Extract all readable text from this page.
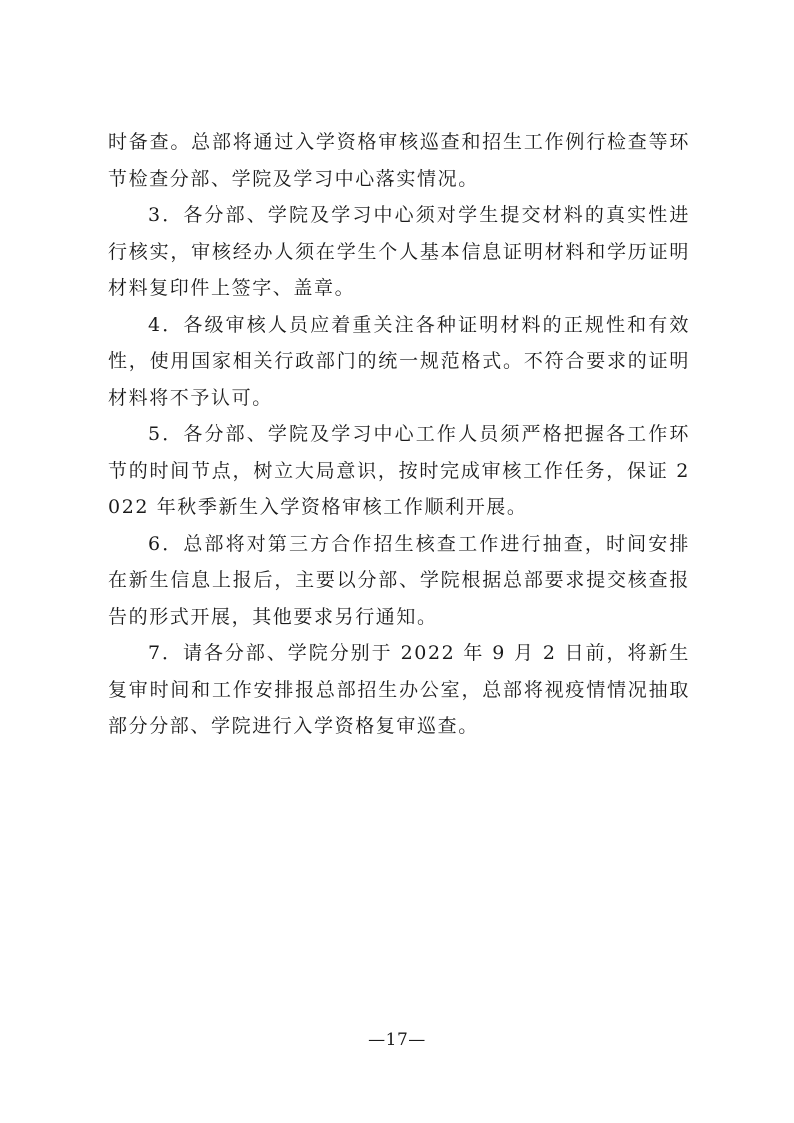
时备查。总部将通过入学资格审核巡查和招生工作例行检查等环节检查分部、学院及学习中心落实情况。

3．各分部、学院及学习中心须对学生提交材料的真实性进行核实，审核经办人须在学生个人基本信息证明材料和学历证明材料复印件上签字、盖章。

4．各级审核人员应着重关注各种证明材料的正规性和有效性，使用国家相关行政部门的统一规范格式。不符合要求的证明材料将不予认可。

5．各分部、学院及学习中心工作人员须严格把握各工作环节的时间节点，树立大局意识，按时完成审核工作任务，保证 2022 年秋季新生入学资格审核工作顺利开展。

6．总部将对第三方合作招生核查工作进行抽查，时间安排在新生信息上报后，主要以分部、学院根据总部要求提交核查报告的形式开展，其他要求另行通知。

7．请各分部、学院分别于 2022 年 9 月 2 日前，将新生复审时间和工作安排报总部招生办公室，总部将视疫情情况抽取部分分部、学院进行入学资格复审巡查。

—17—
